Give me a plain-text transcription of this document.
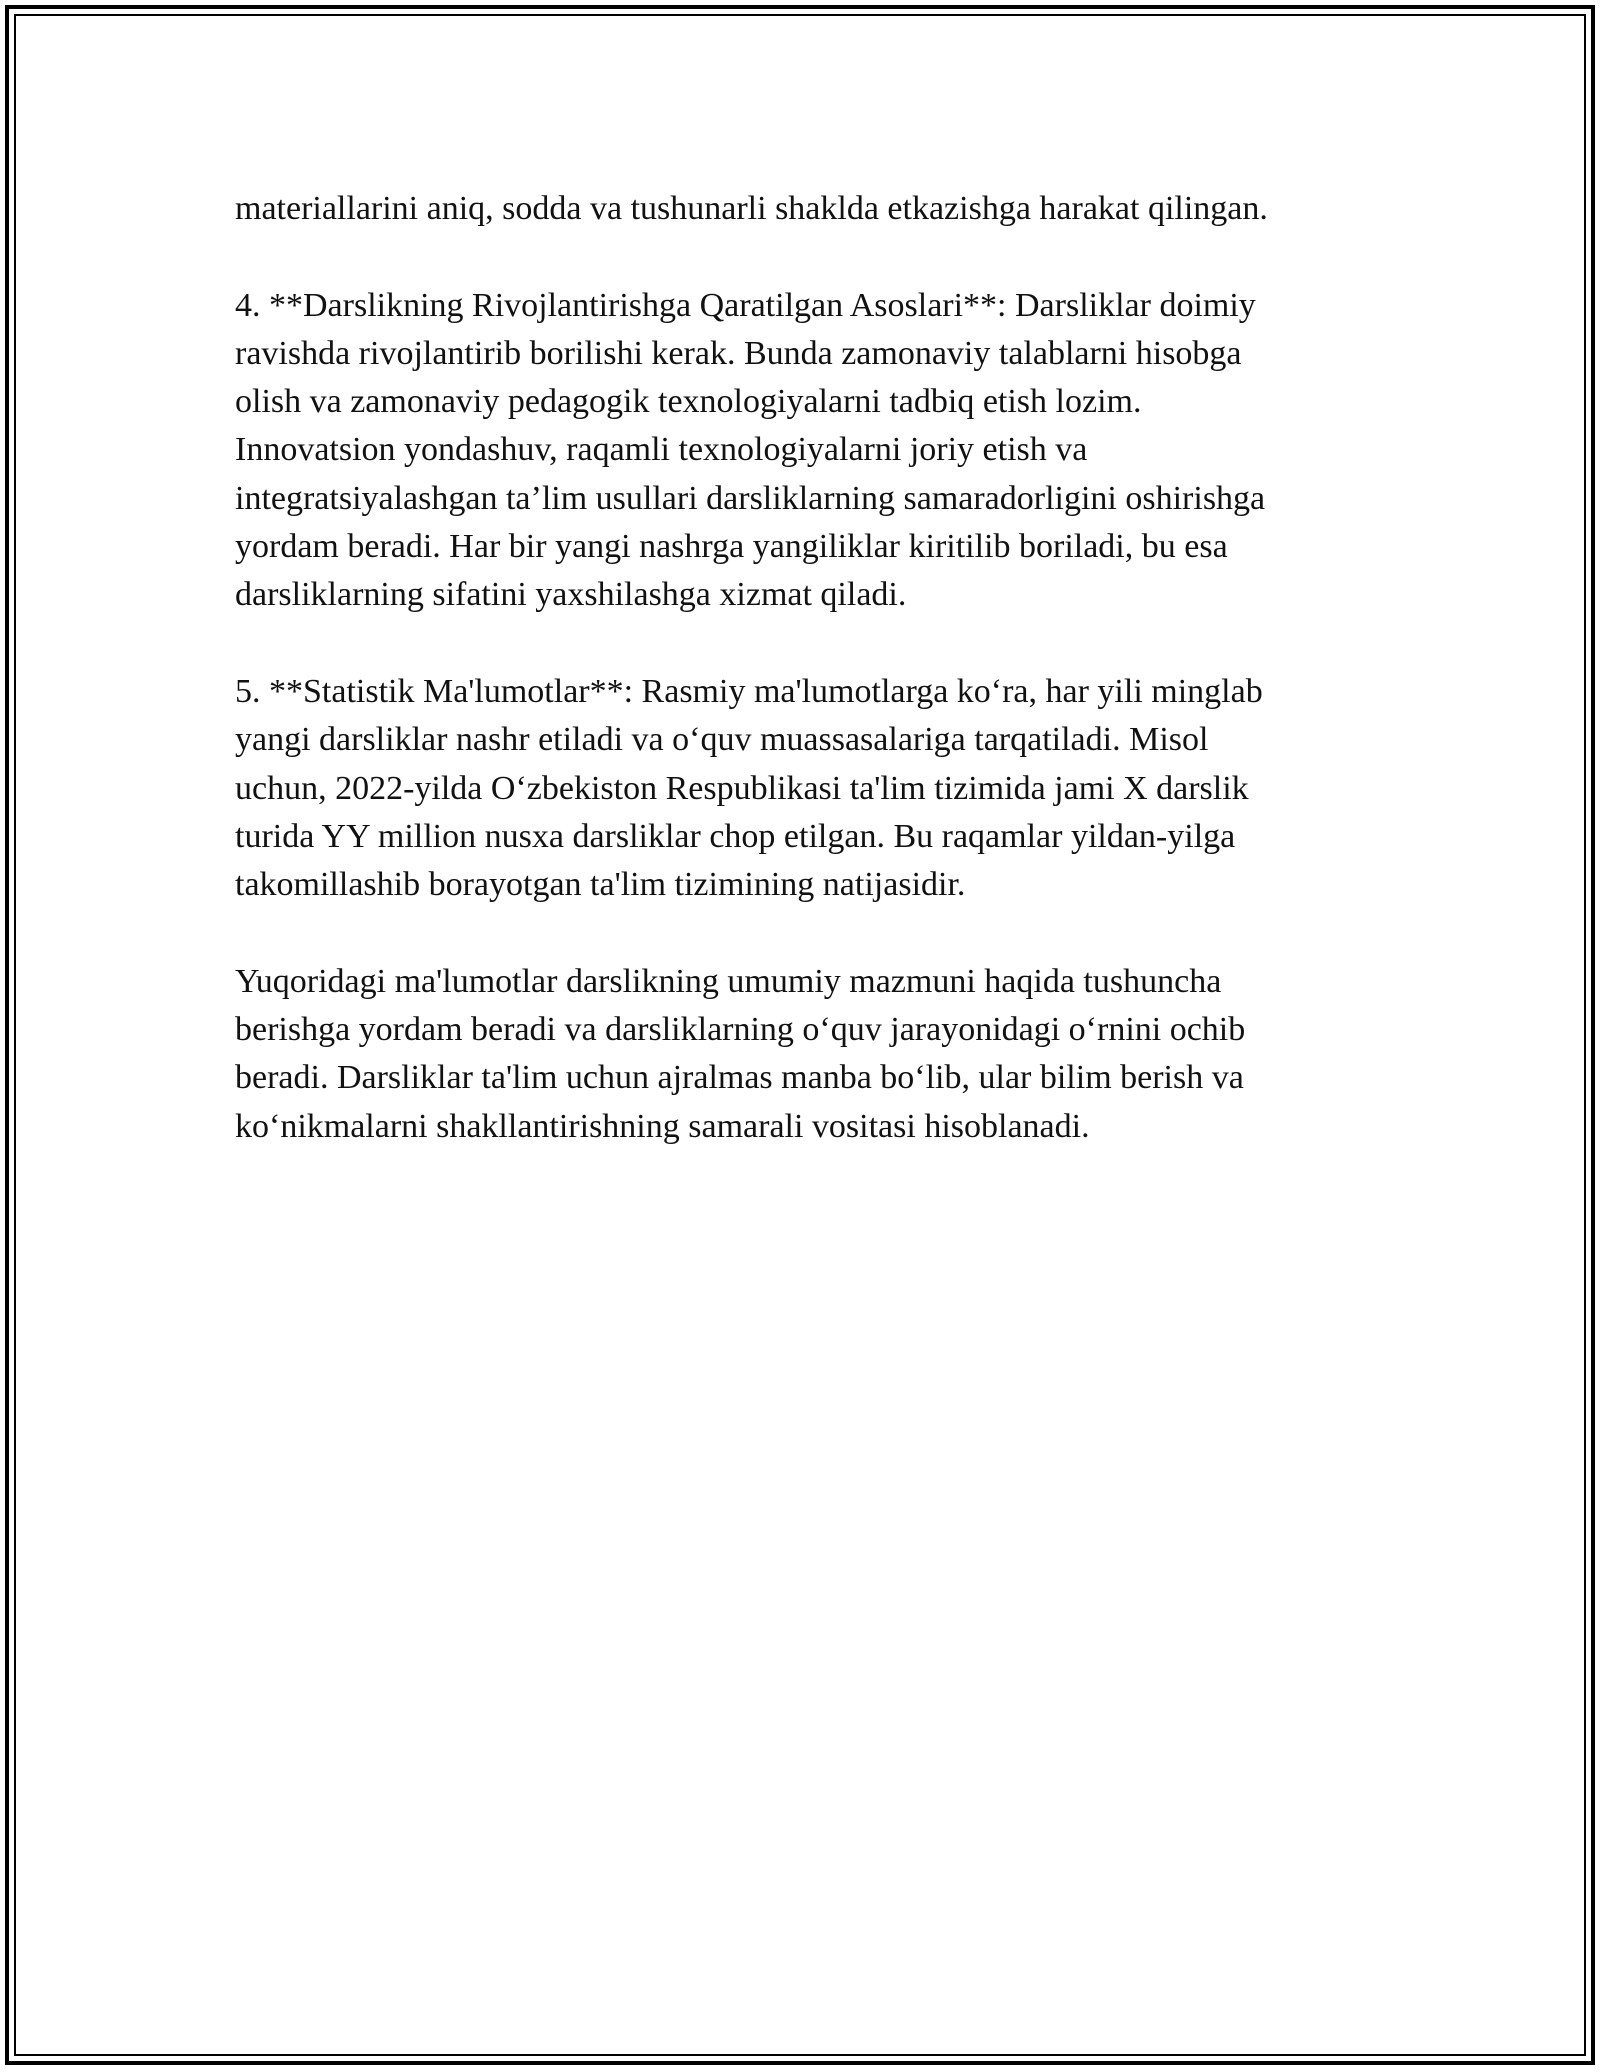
materiallarini aniq, sodda va tushunarli shaklda etkazishga harakat qilingan.

4. **Darslikning Rivojlantirishga Qaratilgan Asoslari**: Darsliklar doimiy
ravishda rivojlantirib borilishi kerak. Bunda zamonaviy talablarni hisobga
olish va zamonaviy pedagogik texnologiyalarni tadbiq etish lozim.
Innovatsion yondashuv, raqamli texnologiyalarni joriy etish va
integratsiyalashgan ta’lim usullari darsliklarning samaradorligini oshirishga
yordam beradi. Har bir yangi nashrga yangiliklar kiritilib boriladi, bu esa
darsliklarning sifatini yaxshilashga xizmat qiladi.

5. **Statistik Ma'lumotlar**: Rasmiy ma'lumotlarga ko‘ra, har yili minglab
yangi darsliklar nashr etiladi va o‘quv muassasalariga tarqatiladi. Misol
uchun, 2022-yilda O‘zbekiston Respublikasi ta'lim tizimida jami X darslik
turida YY million nusxa darsliklar chop etilgan. Bu raqamlar yildan-yilga
takomillashib borayotgan ta'lim tizimining natijasidir.

Yuqoridagi ma'lumotlar darslikning umumiy mazmuni haqida tushuncha
berishga yordam beradi va darsliklarning o‘quv jarayonidagi o‘rnini ochib
beradi. Darsliklar ta'lim uchun ajralmas manba bo‘lib, ular bilim berish va
ko‘nikmalarni shakllantirishning samarali vositasi hisoblanadi.
